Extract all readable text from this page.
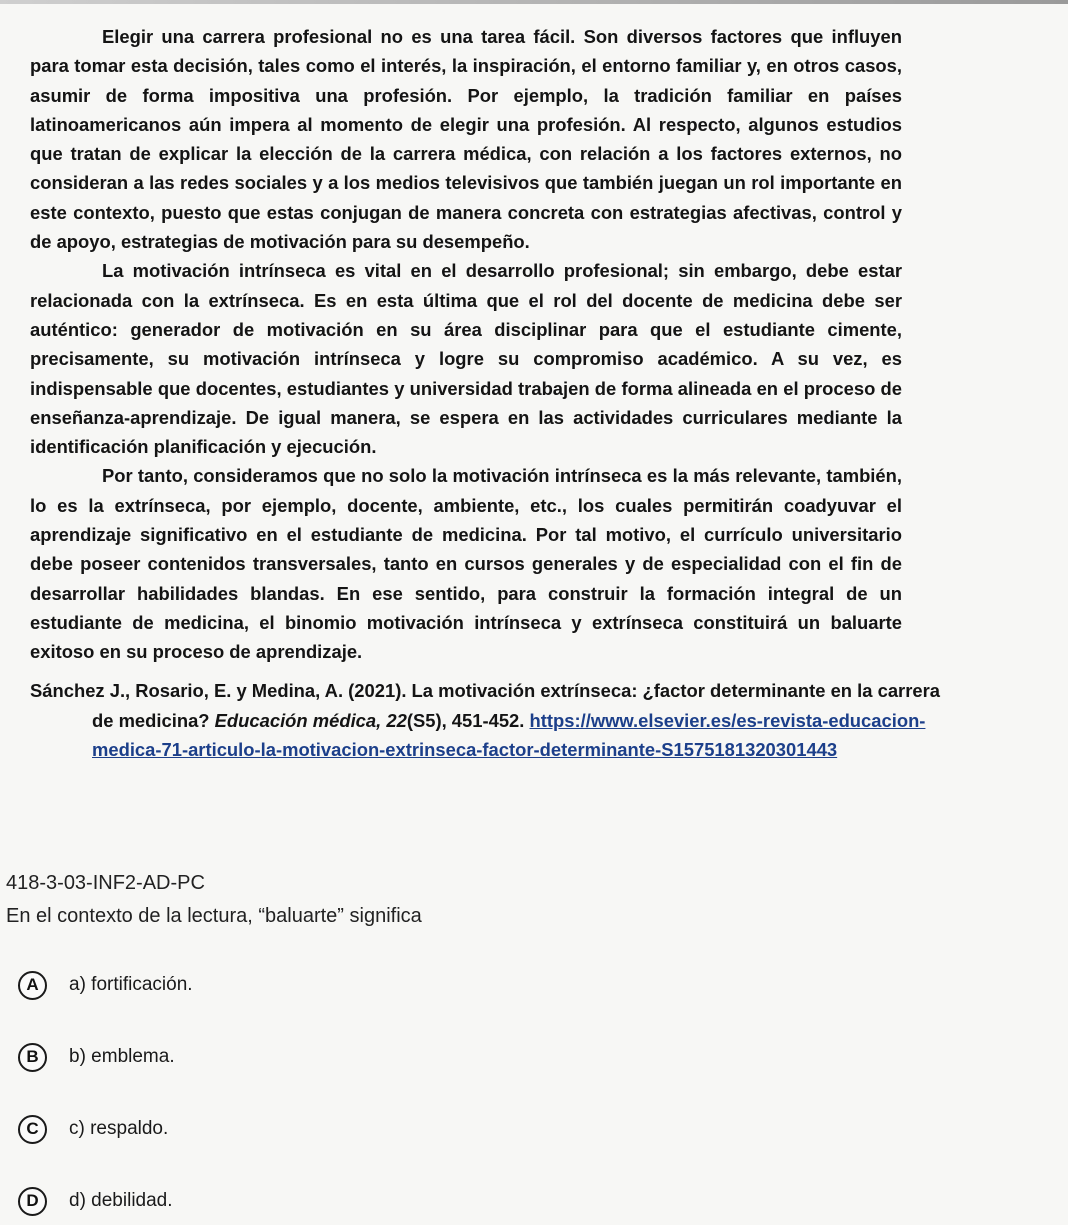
Elegir una carrera profesional no es una tarea fácil. Son diversos factores que influyen para tomar esta decisión, tales como el interés, la inspiración, el entorno familiar y, en otros casos, asumir de forma impositiva una profesión. Por ejemplo, la tradición familiar en países latinoamericanos aún impera al momento de elegir una profesión. Al respecto, algunos estudios que tratan de explicar la elección de la carrera médica, con relación a los factores externos, no consideran a las redes sociales y a los medios televisivos que también juegan un rol importante en este contexto, puesto que estas conjugan de manera concreta con estrategias afectivas, control y de apoyo, estrategias de motivación para su desempeño.

La motivación intrínseca es vital en el desarrollo profesional; sin embargo, debe estar relacionada con la extrínseca. Es en esta última que el rol del docente de medicina debe ser auténtico: generador de motivación en su área disciplinar para que el estudiante cimente, precisamente, su motivación intrínseca y logre su compromiso académico. A su vez, es indispensable que docentes, estudiantes y universidad trabajen de forma alineada en el proceso de enseñanza-aprendizaje. De igual manera, se espera en las actividades curriculares mediante la identificación planificación y ejecución.

Por tanto, consideramos que no solo la motivación intrínseca es la más relevante, también, lo es la extrínseca, por ejemplo, docente, ambiente, etc., los cuales permitirán coadyuvar el aprendizaje significativo en el estudiante de medicina. Por tal motivo, el currículo universitario debe poseer contenidos transversales, tanto en cursos generales y de especialidad con el fin de desarrollar habilidades blandas. En ese sentido, para construir la formación integral de un estudiante de medicina, el binomio motivación intrínseca y extrínseca constituirá un baluarte exitoso en su proceso de aprendizaje.

Sánchez J., Rosario, E. y Medina, A. (2021). La motivación extrínseca: ¿factor determinante en la carrera de medicina? Educación médica, 22(S5), 451-452. https://www.elsevier.es/es-revista-educacion-medica-71-articulo-la-motivacion-extrinseca-factor-determinante-S1575181320301443
418-3-03-INF2-AD-PC
En el contexto de la lectura, “baluarte” significa
A	a) fortificación.
B	b) emblema.
C	c) respaldo.
D	d) debilidad.
